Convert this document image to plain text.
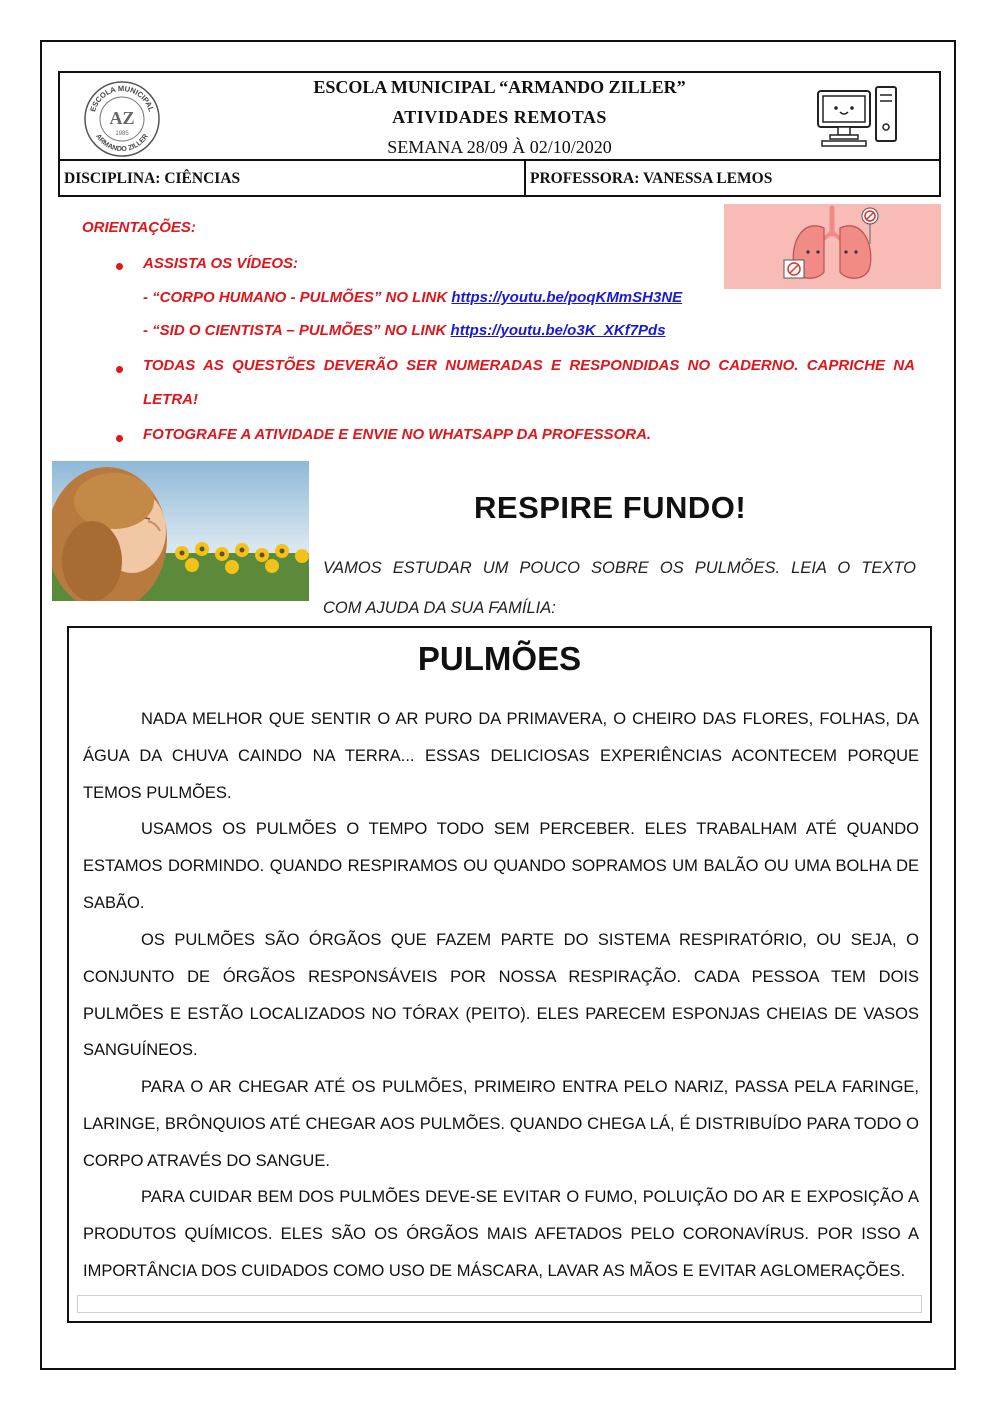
ESCOLA MUNICIPAL
ARMANDO ZILLER
AZ
1985
ESCOLA MUNICIPAL “ARMANDO ZILLER”
ATIVIDADES REMOTAS
SEMANA 28/09 À 02/10/2020
DISCIPLINA: CIÊNCIAS	PROFESSORA: VANESSA LEMOS
ORIENTAÇÕES:
ASSISTA OS VÍDEOS:
- “CORPO HUMANO - PULMÕES” NO LINK https://youtu.be/poqKMmSH3NE
- “SID O CIENTISTA – PULMÕES” NO LINK https://youtu.be/o3K_XKf7Pds
TODAS AS QUESTÕES DEVERÃO SER NUMERADAS E RESPONDIDAS NO CADERNO. CAPRICHE NA
LETRA!
FOTOGRAFE A ATIVIDADE E ENVIE NO WHATSAPP DA PROFESSORA.
RESPIRE FUNDO!
VAMOS ESTUDAR UM POUCO SOBRE OS PULMÕES. LEIA O TEXTO
COM AJUDA DA SUA FAMÍLIA:
PULMÕES
NADA MELHOR QUE SENTIR O AR PURO DA PRIMAVERA, O CHEIRO DAS FLORES, FOLHAS, DA ÁGUA DA CHUVA CAINDO NA TERRA... ESSAS DELICIOSAS EXPERIÊNCIAS ACONTECEM PORQUE TEMOS PULMÕES.
USAMOS OS PULMÕES O TEMPO TODO SEM PERCEBER. ELES TRABALHAM ATÉ QUANDO ESTAMOS DORMINDO. QUANDO RESPIRAMOS OU QUANDO SOPRAMOS UM BALÃO OU UMA BOLHA DE SABÃO.
OS PULMÕES SÃO ÓRGÃOS QUE FAZEM PARTE DO SISTEMA RESPIRATÓRIO, OU SEJA, O CONJUNTO DE ÓRGÃOS RESPONSÁVEIS POR NOSSA RESPIRAÇÃO. CADA PESSOA TEM DOIS PULMÕES E ESTÃO LOCALIZADOS NO TÓRAX (PEITO). ELES PARECEM ESPONJAS CHEIAS DE VASOS SANGUÍNEOS.
PARA O AR CHEGAR ATÉ OS PULMÕES, PRIMEIRO ENTRA PELO NARIZ, PASSA PELA FARINGE, LARINGE, BRÔNQUIOS ATÉ CHEGAR AOS PULMÕES. QUANDO CHEGA LÁ, É DISTRIBUÍDO PARA TODO O CORPO ATRAVÉS DO SANGUE.
PARA CUIDAR BEM DOS PULMÕES DEVE-SE EVITAR O FUMO, POLUIÇÃO DO AR E EXPOSIÇÃO A PRODUTOS QUÍMICOS. ELES SÃO OS ÓRGÃOS MAIS AFETADOS PELO CORONAVÍRUS. POR ISSO A IMPORTÂNCIA DOS CUIDADOS COMO USO DE MÁSCARA, LAVAR AS MÃOS E EVITAR AGLOMERAÇÕES.
